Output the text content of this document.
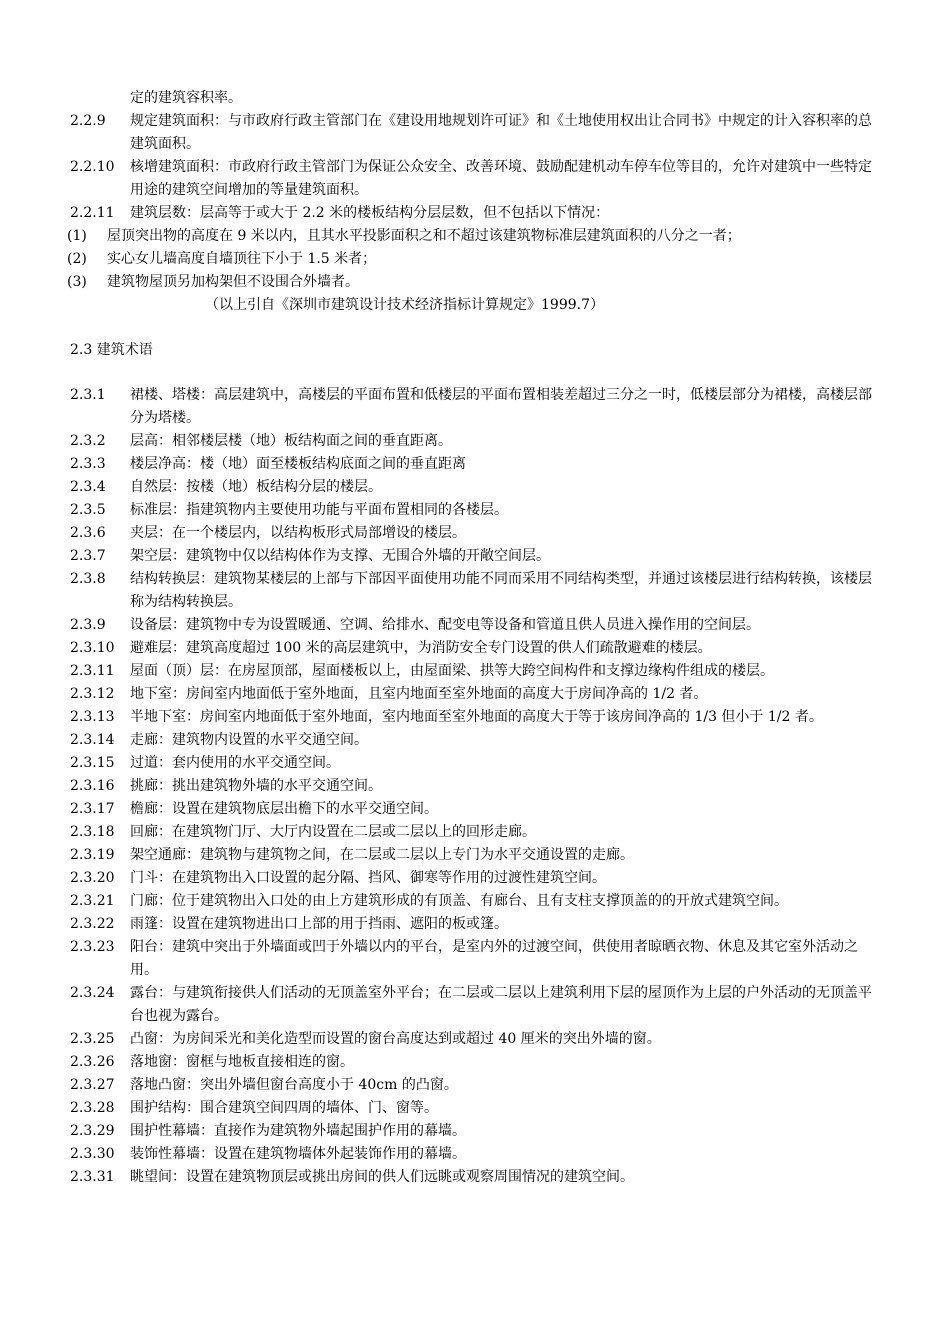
定的建筑容积率。
2.2.9 规定建筑面积：与市政府行政主管部门在《建设用地规划许可证》和《土地使用权出让合同书》中规定的计入容积率的总建筑面积。
2.2.10 核增建筑面积：市政府行政主管部门为保证公众安全、改善环境、鼓励配建机动车停车位等目的，允许对建筑中一些特定用途的建筑空间增加的等量建筑面积。
2.2.11 建筑层数：层高等于或大于 2.2 米的楼板结构分层层数，但不包括以下情况：
(1) 屋顶突出物的高度在 9 米以内，且其水平投影面积之和不超过该建筑物标准层建筑面积的八分之一者；
(2) 实心女儿墙高度自墙顶往下小于 1.5 米者；
(3) 建筑物屋顶另加构架但不设围合外墙者。
（以上引自《深圳市建筑设计技术经济指标计算规定》1999.7）
2.3 建筑术语
2.3.1 裙楼、塔楼：高层建筑中，高楼层的平面布置和低楼层的平面布置相装差超过三分之一时，低楼层部分为裙楼，高楼层部分为塔楼。
2.3.2 层高：相邻楼层楼（地）板结构面之间的垂直距离。
2.3.3 楼层净高：楼（地）面至楼板结构底面之间的垂直距离
2.3.4 自然层：按楼（地）板结构分层的楼层。
2.3.5 标准层：指建筑物内主要使用功能与平面布置相同的各楼层。
2.3.6 夹层：在一个楼层内，以结构板形式局部增设的楼层。
2.3.7 架空层：建筑物中仅以结构体作为支撑、无围合外墙的开敞空间层。
2.3.8 结构转换层：建筑物某楼层的上部与下部因平面使用功能不同而采用不同结构类型，并通过该楼层进行结构转换，该楼层称为结构转换层。
2.3.9 设备层：建筑物中专为设置暖通、空调、给排水、配变电等设备和管道且供人员进入操作用的空间层。
2.3.10 避难层：建筑高度超过 100 米的高层建筑中，为消防安全专门设置的供人们疏散避难的楼层。
2.3.11 屋面（顶）层：在房屋顶部，屋面楼板以上，由屋面梁、拱等大跨空间构件和支撑边缘构件组成的楼层。
2.3.12 地下室：房间室内地面低于室外地面，且室内地面至室外地面的高度大于房间净高的 1/2 者。
2.3.13 半地下室：房间室内地面低于室外地面，室内地面至室外地面的高度大于等于该房间净高的 1/3 但小于 1/2 者。
2.3.14 走廊：建筑物内设置的水平交通空间。
2.3.15 过道：套内使用的水平交通空间。
2.3.16 挑廊：挑出建筑物外墙的水平交通空间。
2.3.17 檐廊：设置在建筑物底层出檐下的水平交通空间。
2.3.18 回廊：在建筑物门厅、大厅内设置在二层或二层以上的回形走廊。
2.3.19 架空通廊：建筑物与建筑物之间，在二层或二层以上专门为水平交通设置的走廊。
2.3.20 门斗：在建筑物出入口设置的起分隔、挡风、御寒等作用的过渡性建筑空间。
2.3.21 门廊：位于建筑物出入口处的由上方建筑形成的有顶盖、有廊台、且有支柱支撑顶盖的的开放式建筑空间。
2.3.22 雨篷：设置在建筑物进出口上部的用于挡雨、遮阳的板或篷。
2.3.23 阳台：建筑中突出于外墙面或凹于外墙以内的平台，是室内外的过渡空间，供使用者晾晒衣物、休息及其它室外活动之用。
2.3.24 露台：与建筑衔接供人们活动的无顶盖室外平台；在二层或二层以上建筑利用下层的屋顶作为上层的户外活动的无顶盖平台也视为露台。
2.3.25 凸窗：为房间采光和美化造型而设置的窗台高度达到或超过 40 厘米的突出外墙的窗。
2.3.26 落地窗：窗框与地板直接相连的窗。
2.3.27 落地凸窗：突出外墙但窗台高度小于 40cm 的凸窗。
2.3.28 围护结构：围合建筑空间四周的墙体、门、窗等。
2.3.29 围护性幕墙：直接作为建筑物外墙起围护作用的幕墙。
2.3.30 装饰性幕墙：设置在建筑物墙体外起装饰作用的幕墙。
2.3.31 眺望间：设置在建筑物顶层或挑出房间的供人们远眺或观察周围情况的建筑空间。
